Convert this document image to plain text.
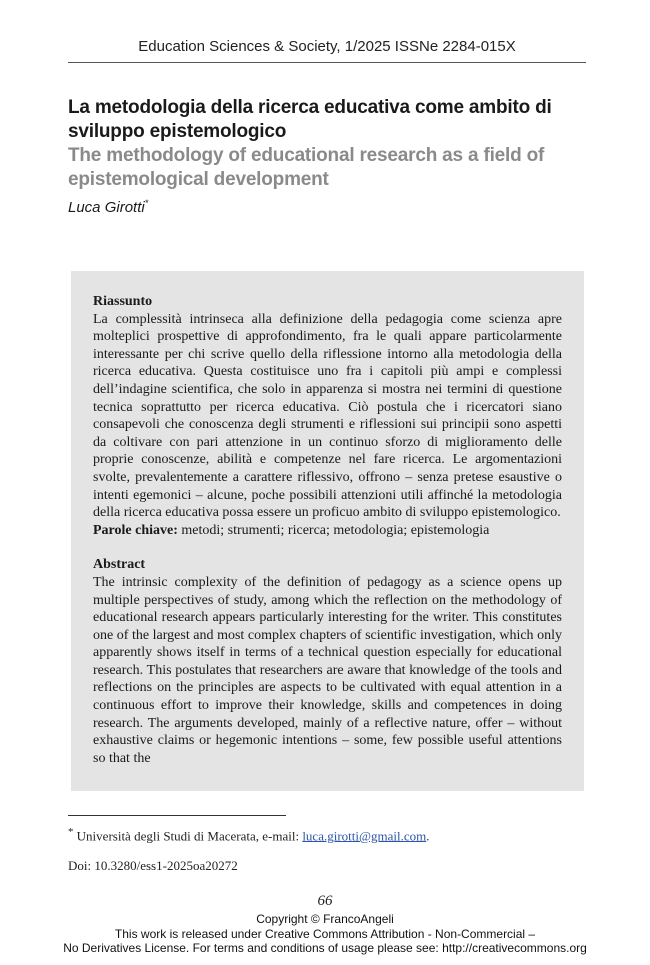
Education Sciences & Society, 1/2025 ISSNe 2284-015X

La metodologia della ricerca educativa come ambito di
sviluppo epistemologico

The methodology of educational research as a field of
epistemological development

Luca Girotti*

Riassunto

La complessità intrinseca alla definizione della pedagogia come scienza apre molteplici prospettive di approfondimento, fra le quali appare particolarmente interessante per chi scrive quello della riflessione intorno alla metodologia della ricerca educativa. Questa costituisce uno fra i capitoli più ampi e complessi dell’indagine scientifica, che solo in apparenza si mostra nei termini di questione tecnica soprattutto per ricerca educativa. Ciò postula che i ricercatori siano consapevoli che conoscenza degli strumenti e riflessioni sui principii sono aspetti da coltivare con pari attenzione in un continuo sforzo di miglioramento delle proprie conoscenze, abilità e competenze nel fare ricerca. Le argomentazioni svolte, prevalentemente a carattere riflessivo, offrono – senza pretese esaustive o intenti egemonici – alcune, poche possibili attenzioni utili affinché la metodologia della ricerca educativa possa essere un proficuo ambito di sviluppo epistemologico.

Parole chiave: metodi; strumenti; ricerca; metodologia; epistemologia

Abstract

The intrinsic complexity of the definition of pedagogy as a science opens up multiple perspectives of study, among which the reflection on the methodology of educational research appears particularly interesting for the writer. This constitutes one of the largest and most complex chapters of scientific investigation, which only apparently shows itself in terms of a technical question especially for educational research. This postulates that researchers are aware that knowledge of the tools and reflections on the principles are aspects to be cultivated with equal attention in a continuous effort to improve their knowledge, skills and competences in doing research. The arguments developed, mainly of a reflective nature, offer – without exhaustive claims or hegemonic intentions – some, few possible useful attentions so that the

* Università degli Studi di Macerata, e-mail: luca.girotti@gmail.com.
Doi: 10.3280/ess1-2025oa20272
66
Copyright © FrancoAngeli
This work is released under Creative Commons Attribution - Non-Commercial –
No Derivatives License. For terms and conditions of usage please see: http://creativecommons.org
